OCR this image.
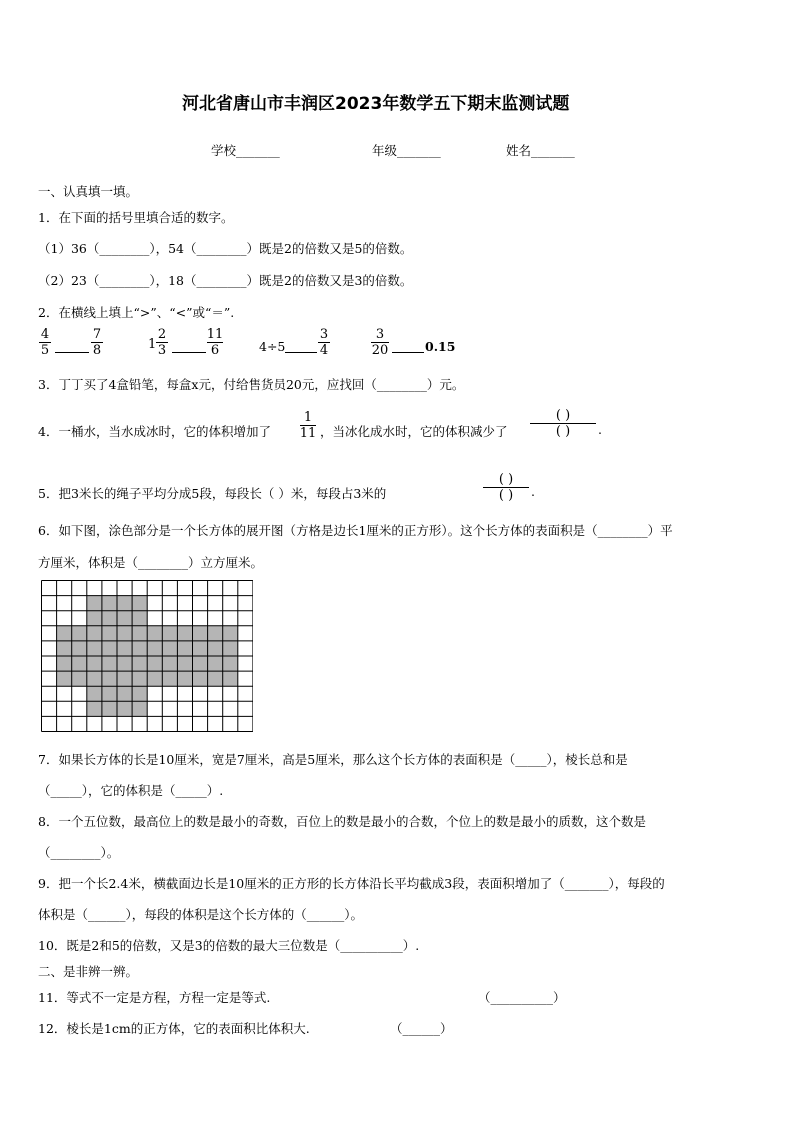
河北省唐山市丰润区2023年数学五下期末监测试题
学校_______	年级_______	姓名_______
一、认真填一填。
1．在下面的括号里填合适的数字。
（1）36（________），54（________）既是2的倍数又是5的倍数。
（2）23（________），18（________）既是2的倍数又是3的倍数。
2．在横线上填上“>”、“<”或“＝”.
4
5
7
8	1
2
3
11
6	4÷5
3
4
3
20	0.15
3．丁丁买了4盒铅笔，每盒x元，付给售货员20元，应找回（________）元。
4．一桶水，当水成冰时，它的体积增加了
1
11 ，当冰化成水时，它的体积减少了
( )
( ) .
5．把3米长的绳子平均分成5段，每段长（ ）米，每段占3米的
( )
( ) .
6．如下图，涂色部分是一个长方体的展开图（方格是边长1厘米的正方形）。这个长方体的表面积是（________）平
方厘米，体积是（________）立方厘米。
7．如果长方体的长是10厘米，宽是7厘米，高是5厘米，那么这个长方体的表面积是（_____），棱长总和是
（_____），它的体积是（_____）.
8．一个五位数，最高位上的数是最小的奇数，百位上的数是最小的合数，个位上的数是最小的质数，这个数是
（________）。
9．把一个长2.4米，横截面边长是10厘米的正方形的长方体沿长平均截成3段，表面积增加了（_______），每段的
体积是（______），每段的体积是这个长方体的（______）。
10．既是2和5的倍数，又是3的倍数的最大三位数是（__________）.
二、是非辨一辨。
11．等式不一定是方程，方程一定是等式.	（__________）
12．棱长是1cm的正方体，它的表面积比体积大.	（______）
